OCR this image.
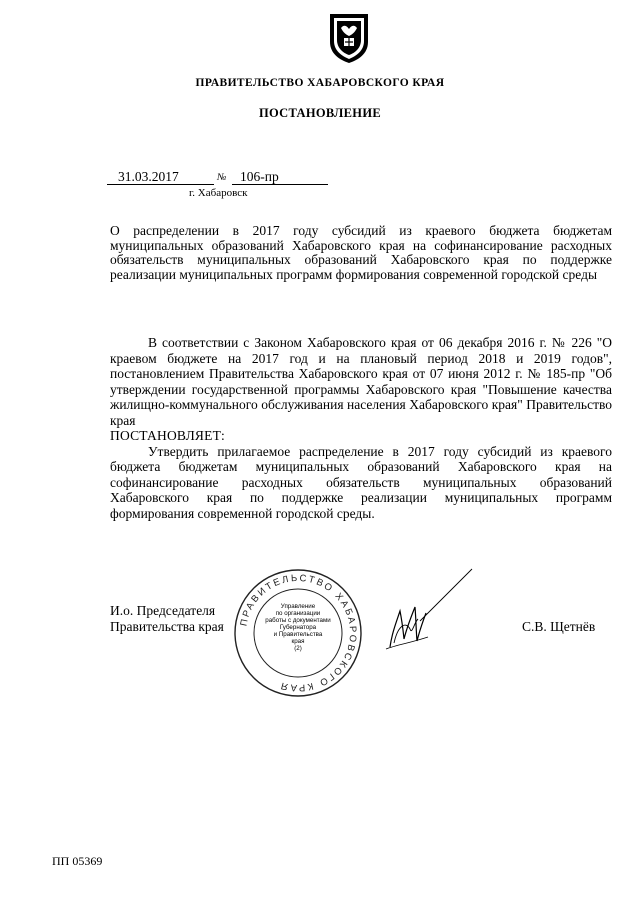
ПРАВИТЕЛЬСТВО ХАБАРОВСКОГО КРАЯ
ПОСТАНОВЛЕНИЕ
31.03.2017	№ 106-пр
г. Хабаровск
О распределении в 2017 году субсидий из краевого бюджета бюджетам муниципальных образований Хабаровского края на софинансирование расходных обязательств муниципальных образований Хабаровского края по поддержке реализации муниципальных программ формирования современной городской среды

В соответствии с Законом Хабаровского края от 06 декабря 2016 г. № 226 "О краевом бюджете на 2017 год и на плановый период 2018 и 2019 годов", постановлением Правительства Хабаровского края от 07 июня 2012 г. № 185-пр "Об утверждении государственной программы Хабаровского края "Повышение качества жилищно-коммунального обслуживания населения Хабаровского края" Правительство края

ПОСТАНОВЛЯЕТ:

Утвердить прилагаемое распределение в 2017 году субсидий из краевого бюджета бюджетам муниципальных образований Хабаровского края на софинансирование расходных обязательств муниципальных образований Хабаровского края по поддержке реализации муниципальных программ формирования современной городской среды.

И.о. Председателя
Правительства края ПРАВИТЕЛЬСТВО ХАБАРОВСКОГО КРАЯ
Управление
по организации
работы с документами
Губернатора
и Правительства
края
(2)
С.В. Щетнёв
ПП 05369
